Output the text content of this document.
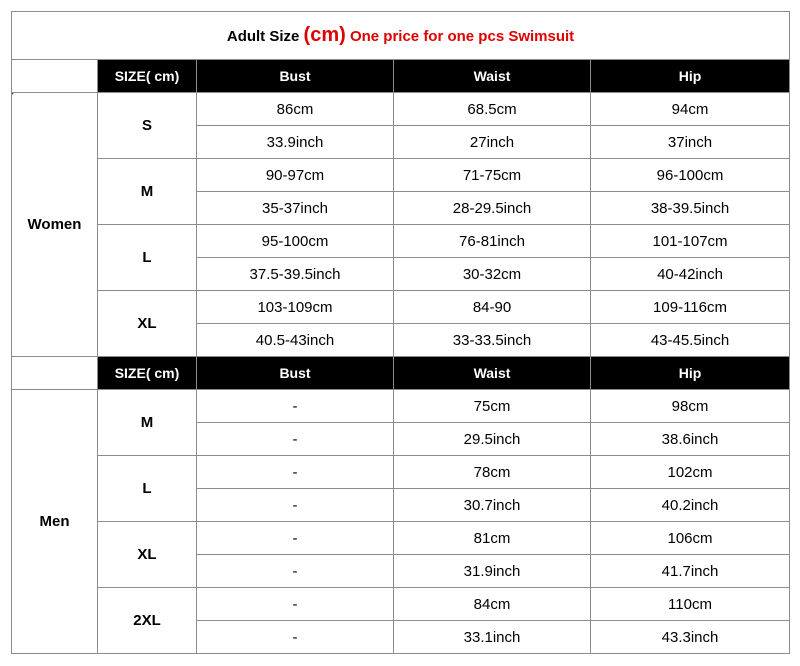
Adult Size (cm) One price for one pcs Swimsuit				
	SIZE( cm)	Bust	Waist	Hip
Women	S	86cm	68.5cm	94cm
		33.9inch	27inch	37inch
	M	90-97cm	71-75cm	96-100cm
		35-37inch	28-29.5inch	38-39.5inch
	L	95-100cm	76-81inch	101-107cm
		37.5-39.5inch	30-32cm	40-42inch
	XL	103-109cm	84-90	109-116cm
		40.5-43inch	33-33.5inch	43-45.5inch
	SIZE( cm)	Bust	Waist	Hip
Men	M	-	75cm	98cm
		-	29.5inch	38.6inch
	L	-	78cm	102cm
		-	30.7inch	40.2inch
	XL	-	81cm	106cm
		-	31.9inch	41.7inch
	2XL	-	84cm	110cm
		-	33.1inch	43.3inch
